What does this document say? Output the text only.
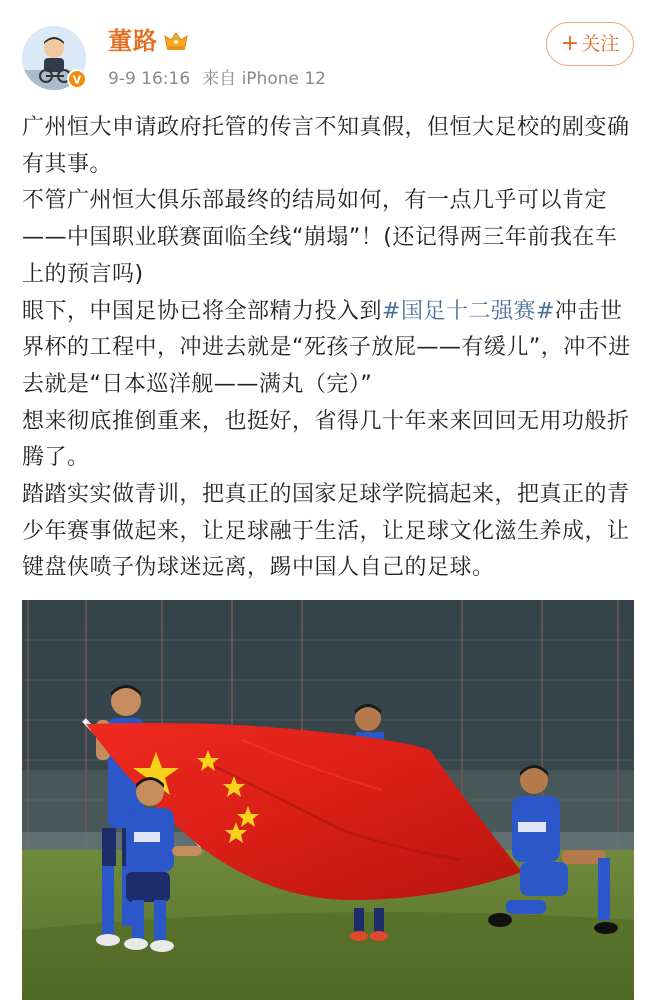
V
董路
9-9 16:16 来自 iPhone 12
+ 关注

广州恒大申请政府托管的传言不知真假，但恒大足校的剧变确有其事。

不管广州恒大俱乐部最终的结局如何，有一点几乎可以肯定——中国职业联赛面临全线“崩塌”！(还记得两三年前我在车上的预言吗)

眼下，中国足协已将全部精力投入到#国足十二强赛#冲击世界杯的工程中，冲进去就是“死孩子放屁——有缓儿”，冲不进去就是“日本巡洋舰——满丸（完）”

想来彻底推倒重来，也挺好，省得几十年来来回回无用功般折腾了。

踏踏实实做青训，把真正的国家足球学院搞起来，把真正的青少年赛事做起来，让足球融于生活，让足球文化滋生养成，让键盘侠喷子伪球迷远离，踢中国人自己的足球。
